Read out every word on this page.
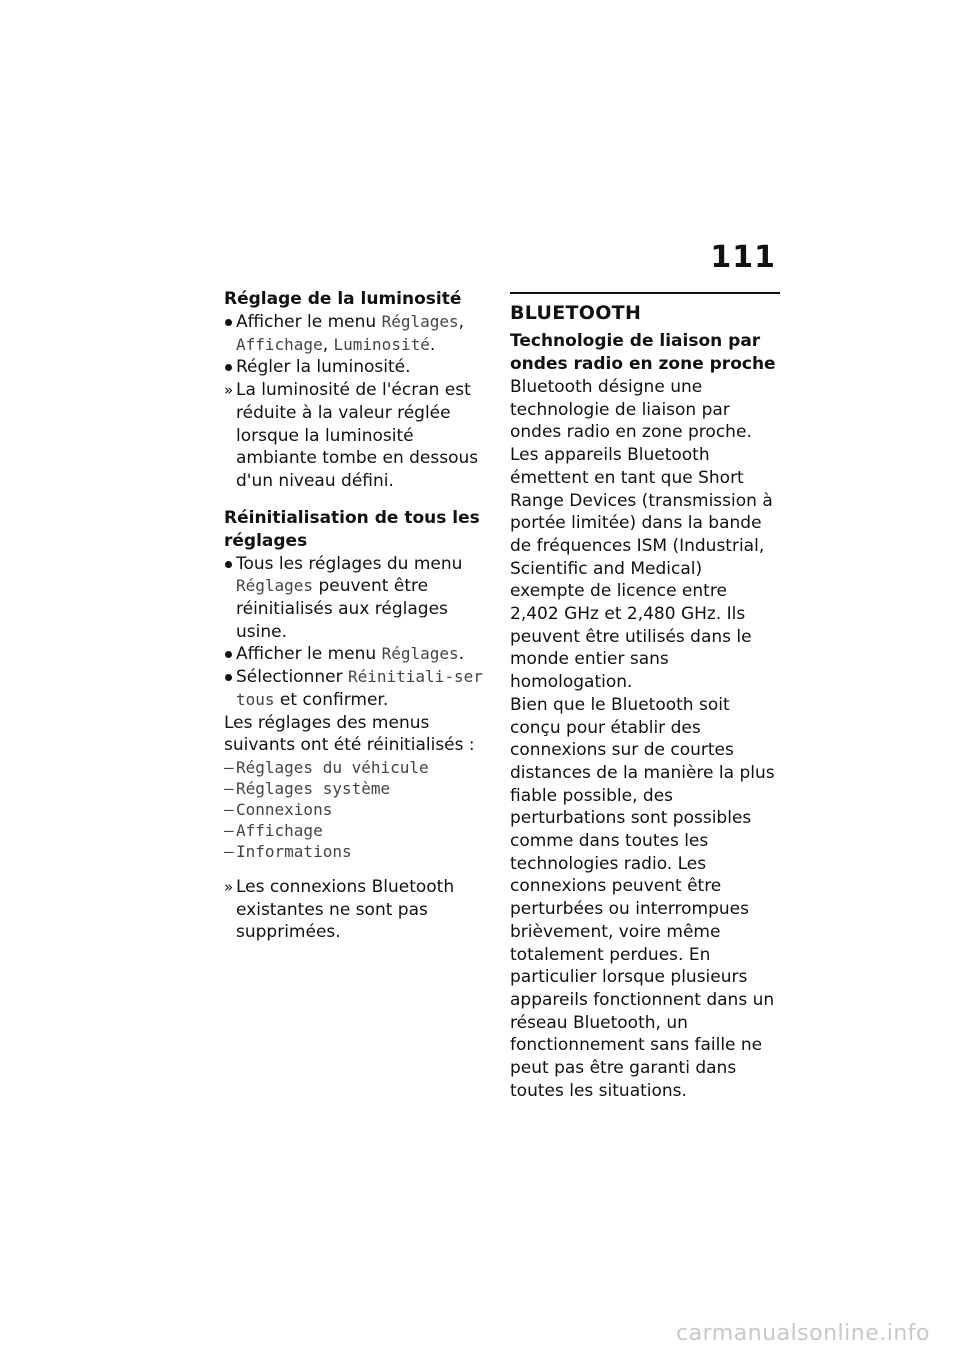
111
Réglage de la luminosité
Afficher le menu Réglages, Affichage, Luminosité.
Régler la luminosité.
» La luminosité de l'écran est réduite à la valeur réglée lorsque la luminosité ambiante tombe en dessous d'un niveau défini.
Réinitialisation de tous les réglages
Tous les réglages du menu Réglages peuvent être réinitialisés aux réglages usine.
Afficher le menu Réglages.
Sélectionner Réinitiali-ser tous et confirmer.
Les réglages des menus suivants ont été réinitialisés :
– Réglages du véhicule
– Réglages système
– Connexions
– Affichage
– Informations
» Les connexions Bluetooth existantes ne sont pas supprimées.
BLUETOOTH
Technologie de liaison par ondes radio en zone proche
Bluetooth désigne une technologie de liaison par ondes radio en zone proche. Les appareils Bluetooth émettent en tant que Short Range Devices (transmission à portée limitée) dans la bande de fréquences ISM (Industrial, Scientific and Medical) exempte de licence entre 2,402 GHz et 2,480 GHz. Ils peuvent être utilisés dans le monde entier sans homologation.
Bien que le Bluetooth soit conçu pour établir des connexions sur de courtes distances de la manière la plus fiable possible, des perturbations sont possibles comme dans toutes les technologies radio. Les connexions peuvent être perturbées ou interrompues brièvement, voire même totalement perdues. En particulier lorsque plusieurs appareils fonctionnent dans un réseau Bluetooth, un fonctionnement sans faille ne peut pas être garanti dans toutes les situations.
carmanualsonline.info
